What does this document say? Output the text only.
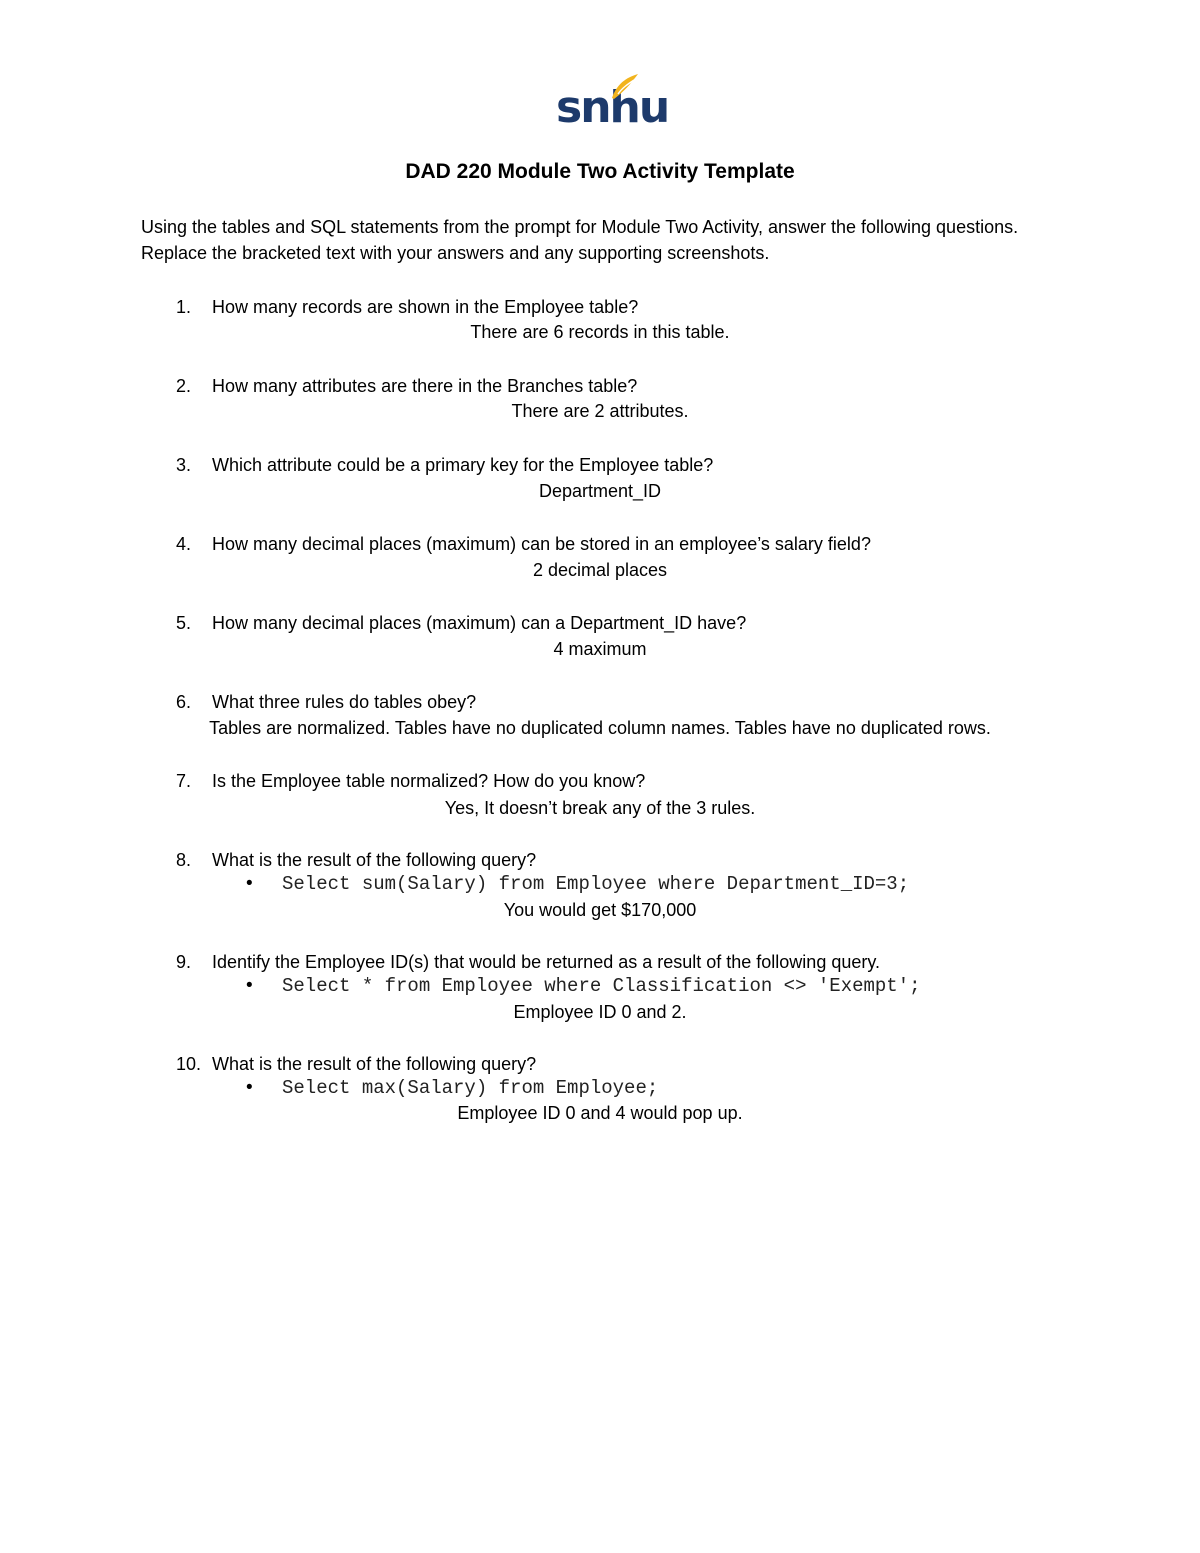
snhu
DAD 220 Module Two Activity Template
Using the tables and SQL statements from the prompt for Module Two Activity, answer the following questions. Replace the bracketed text with your answers and any supporting screenshots.
1. How many records are shown in the Employee table?
There are 6 records in this table.
2. How many attributes are there in the Branches table?
There are 2 attributes.
3. Which attribute could be a primary key for the Employee table?
Department_ID
4. How many decimal places (maximum) can be stored in an employee’s salary field?
2 decimal places
5. How many decimal places (maximum) can a Department_ID have?
4 maximum
6. What three rules do tables obey?
Tables are normalized. Tables have no duplicated column names. Tables have no duplicated rows.
7. Is the Employee table normalized? How do you know?
Yes, It doesn’t break any of the 3 rules.
8. What is the result of the following query?
• Select sum(Salary) from Employee where Department_ID=3;
You would get $170,000
9. Identify the Employee ID(s) that would be returned as a result of the following query.
• Select * from Employee where Classification <> 'Exempt';
Employee ID 0 and 2.
10. What is the result of the following query?
• Select max(Salary) from Employee;
Employee ID 0 and 4 would pop up.
